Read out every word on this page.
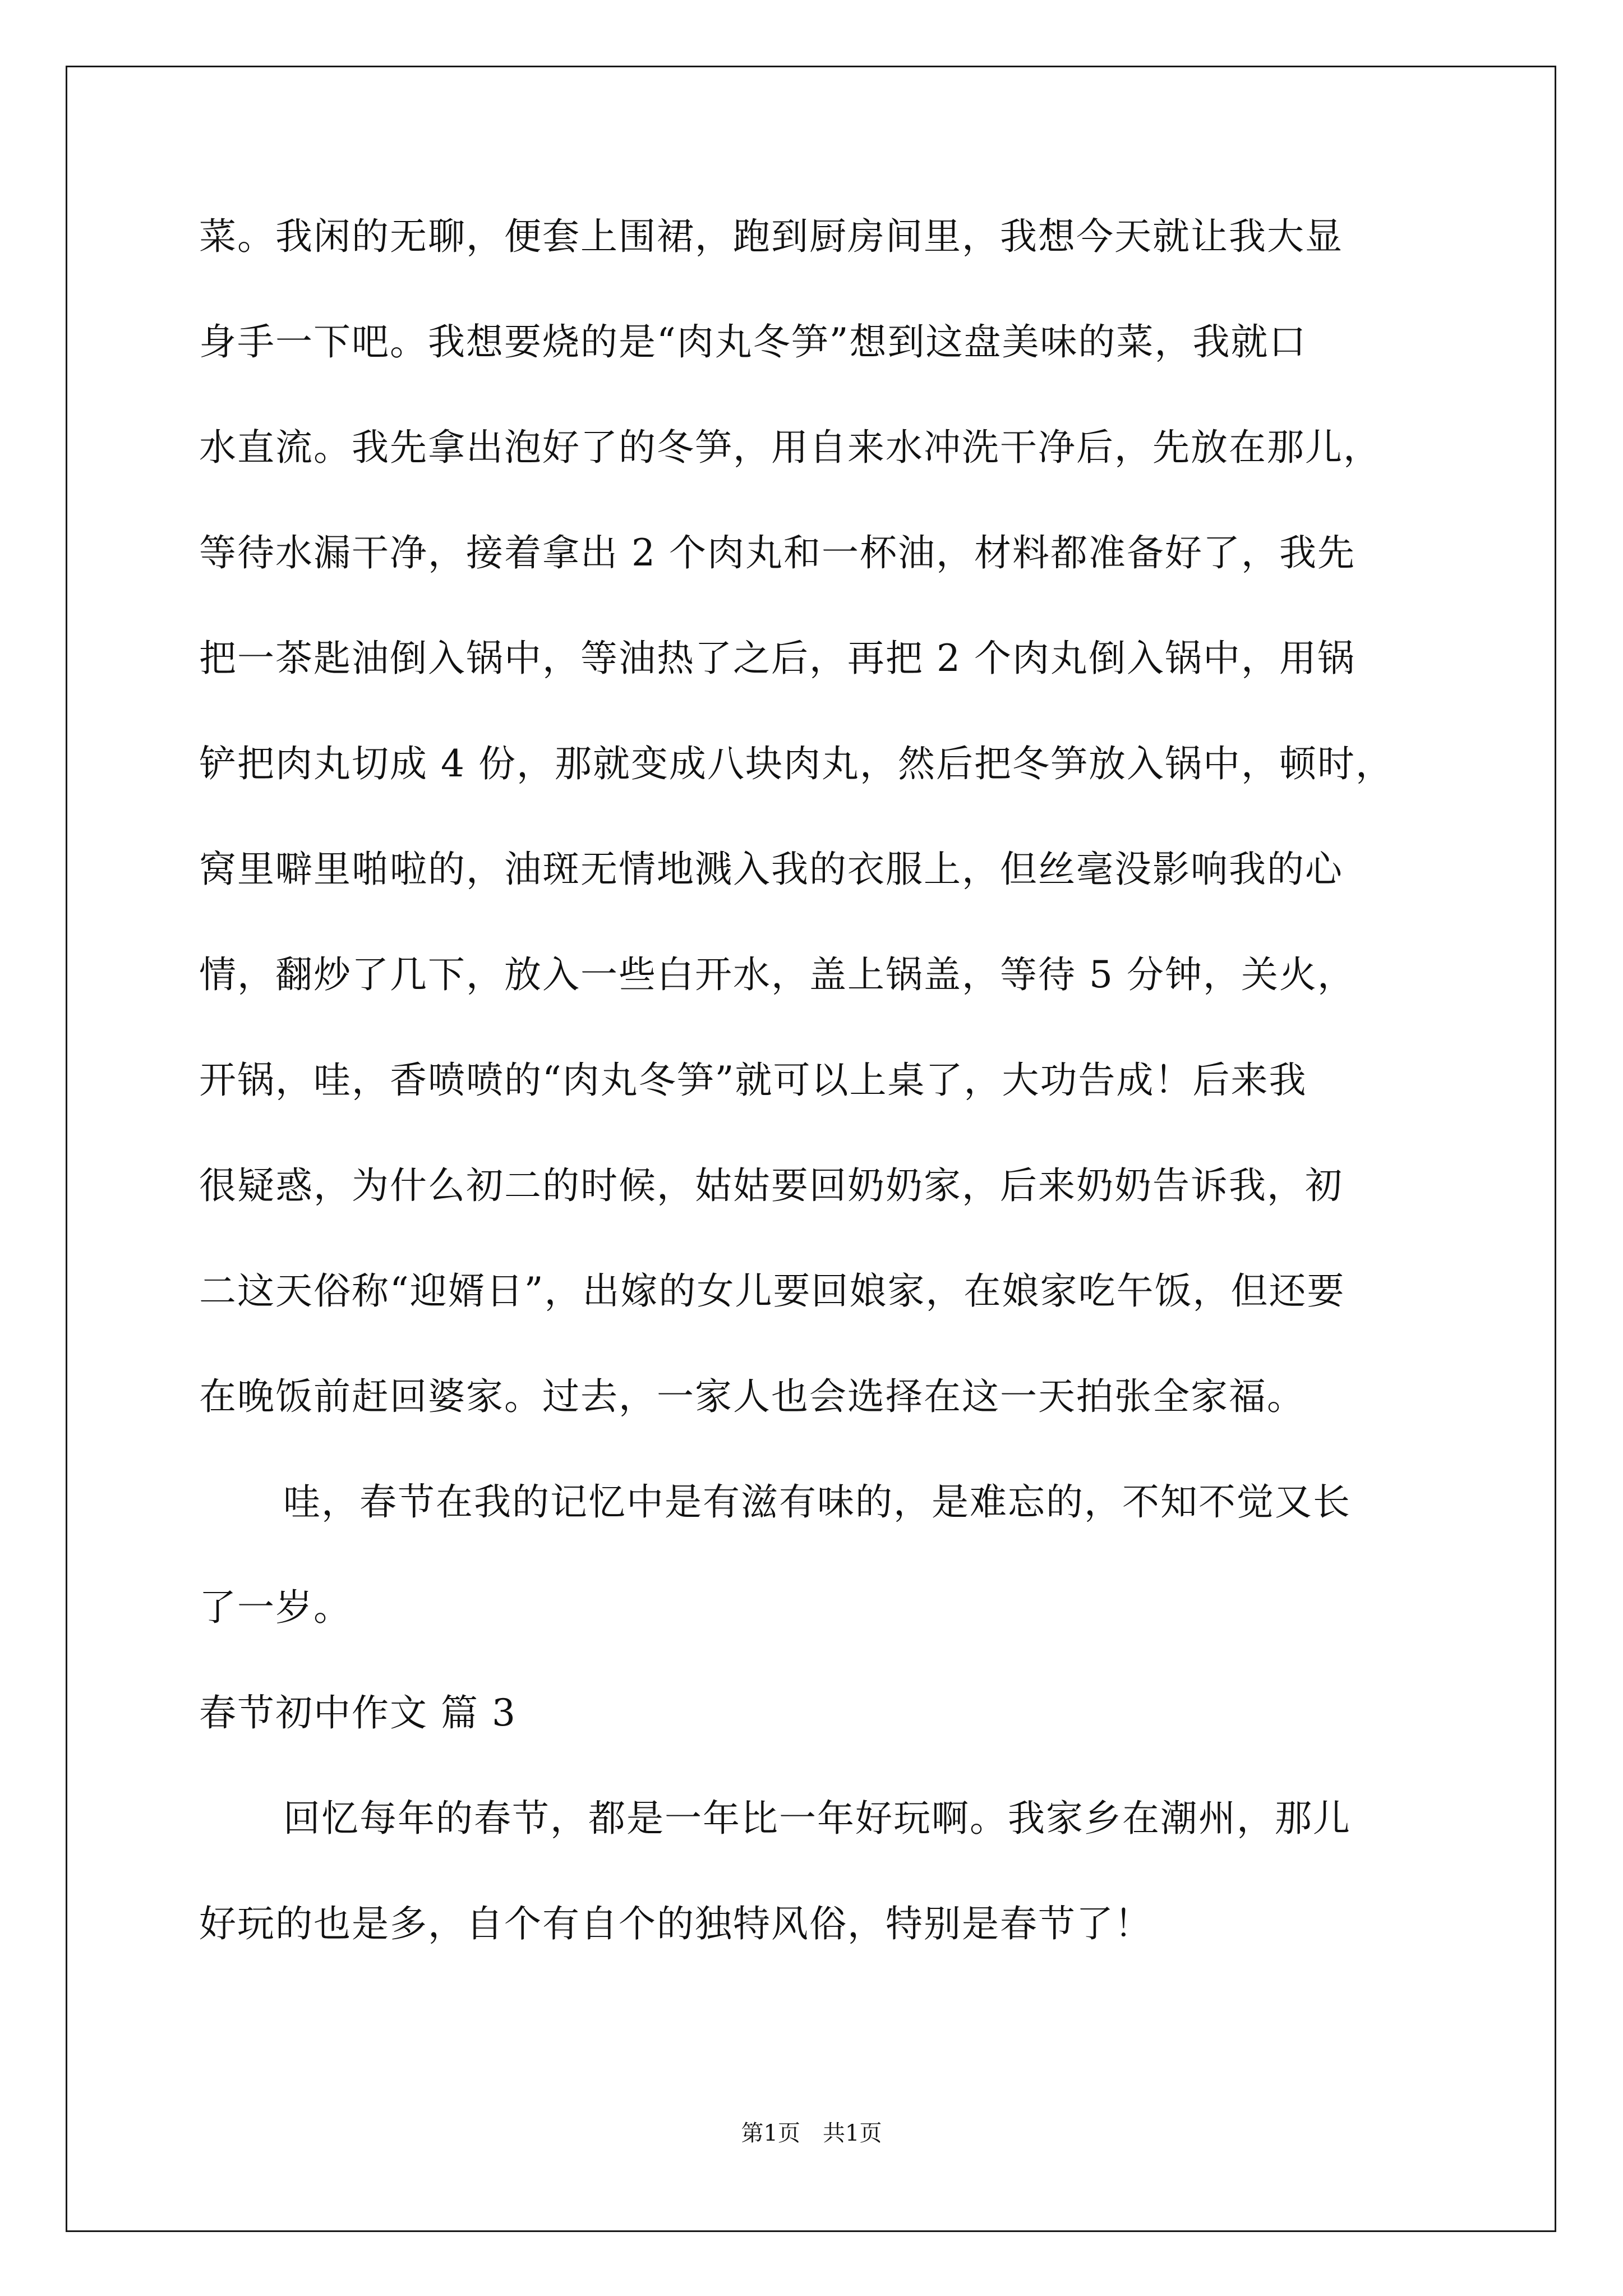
菜。我闲的无聊，便套上围裙，跑到厨房间里，我想今天就让我大显
身手一下吧。我想要烧的是“肉丸冬笋”想到这盘美味的菜，我就口
水直流。我先拿出泡好了的冬笋，用自来水冲洗干净后，先放在那儿，
等待水漏干净，接着拿出 2 个肉丸和一杯油，材料都准备好了，我先
把一茶匙油倒入锅中，等油热了之后，再把 2 个肉丸倒入锅中，用锅
铲把肉丸切成 4 份，那就变成八块肉丸，然后把冬笋放入锅中，顿时，
窝里噼里啪啦的，油斑无情地溅入我的衣服上，但丝毫没影响我的心
情，翻炒了几下，放入一些白开水，盖上锅盖，等待 5 分钟，关火，
开锅，哇，香喷喷的“肉丸冬笋”就可以上桌了，大功告成！后来我
很疑惑，为什么初二的时候，姑姑要回奶奶家，后来奶奶告诉我，初
二这天俗称“迎婿日”，出嫁的女儿要回娘家，在娘家吃午饭，但还要
在晚饭前赶回婆家。过去，一家人也会选择在这一天拍张全家福。
哇，春节在我的记忆中是有滋有味的，是难忘的，不知不觉又长
了一岁。
春节初中作文 篇 3
回忆每年的春节，都是一年比一年好玩啊。我家乡在潮州，那儿
好玩的也是多，自个有自个的独特风俗，特别是春节了！
第1页 共1页
